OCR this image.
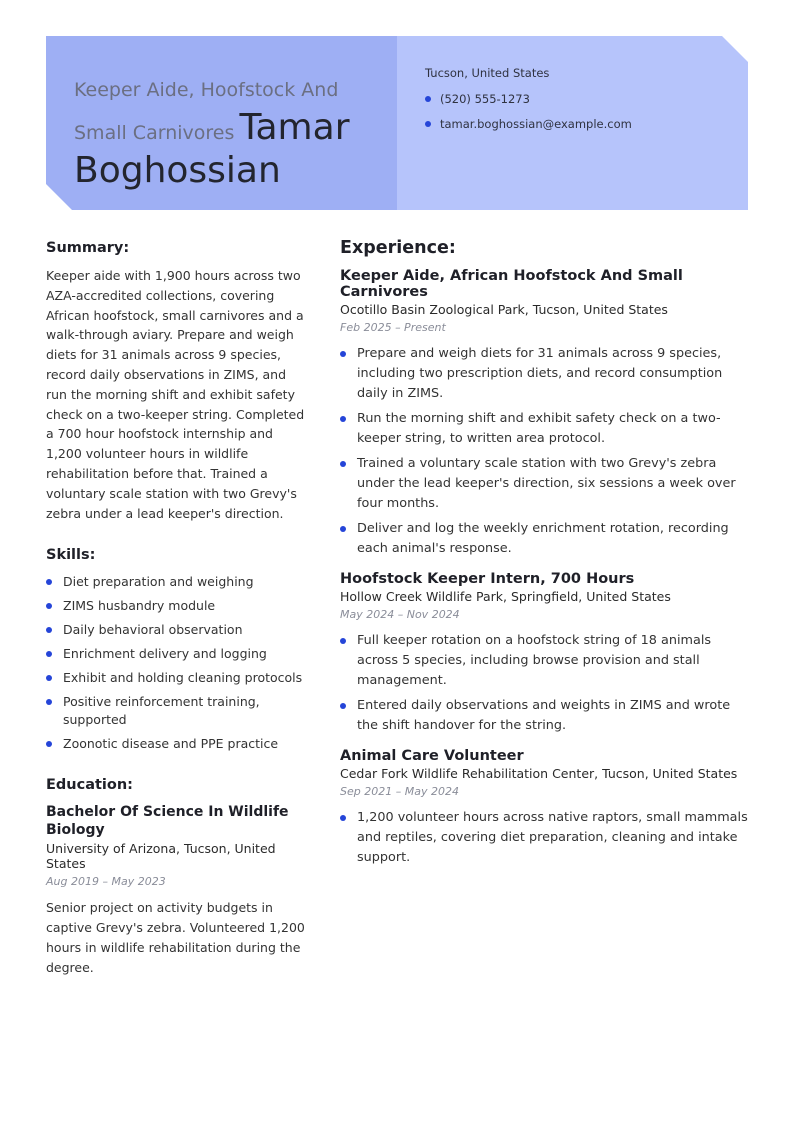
Keeper Aide, Hoofstock And Small Carnivores Tamar Boghossian
Tucson, United States
(520) 555-1273
tamar.boghossian@example.com
Summary:

Keeper aide with 1,900 hours across two AZA-accredited collections, covering African hoofstock, small carnivores and a walk-through aviary. Prepare and weigh diets for 31 animals across 9 species, record daily observations in ZIMS, and run the morning shift and exhibit safety check on a two-keeper string. Completed a 700 hour hoofstock internship and 1,200 volunteer hours in wildlife rehabilitation before that. Trained a voluntary scale station with two Grevy's zebra under a lead keeper's direction.

Skills:
Diet preparation and weighing
ZIMS husbandry module
Daily behavioral observation
Enrichment delivery and logging
Exhibit and holding cleaning protocols
Positive reinforcement training, supported
Zoonotic disease and PPE practice
Education:
Bachelor Of Science In Wildlife Biology
University of Arizona, Tucson, United States
Aug 2019 – May 2023

Senior project on activity budgets in captive Grevy's zebra. Volunteered 1,200 hours in wildlife rehabilitation during the degree.

Experience:
Keeper Aide, African Hoofstock And Small Carnivores
Ocotillo Basin Zoological Park, Tucson, United States
Feb 2025 – Present
Prepare and weigh diets for 31 animals across 9 species, including two prescription diets, and record consumption daily in ZIMS.
Run the morning shift and exhibit safety check on a two-keeper string, to written area protocol.
Trained a voluntary scale station with two Grevy's zebra under the lead keeper's direction, six sessions a week over four months.
Deliver and log the weekly enrichment rotation, recording each animal's response.
Hoofstock Keeper Intern, 700 Hours
Hollow Creek Wildlife Park, Springfield, United States
May 2024 – Nov 2024
Full keeper rotation on a hoofstock string of 18 animals across 5 species, including browse provision and stall management.
Entered daily observations and weights in ZIMS and wrote the shift handover for the string.
Animal Care Volunteer
Cedar Fork Wildlife Rehabilitation Center, Tucson, United States
Sep 2021 – May 2024
1,200 volunteer hours across native raptors, small mammals and reptiles, covering diet preparation, cleaning and intake support.
